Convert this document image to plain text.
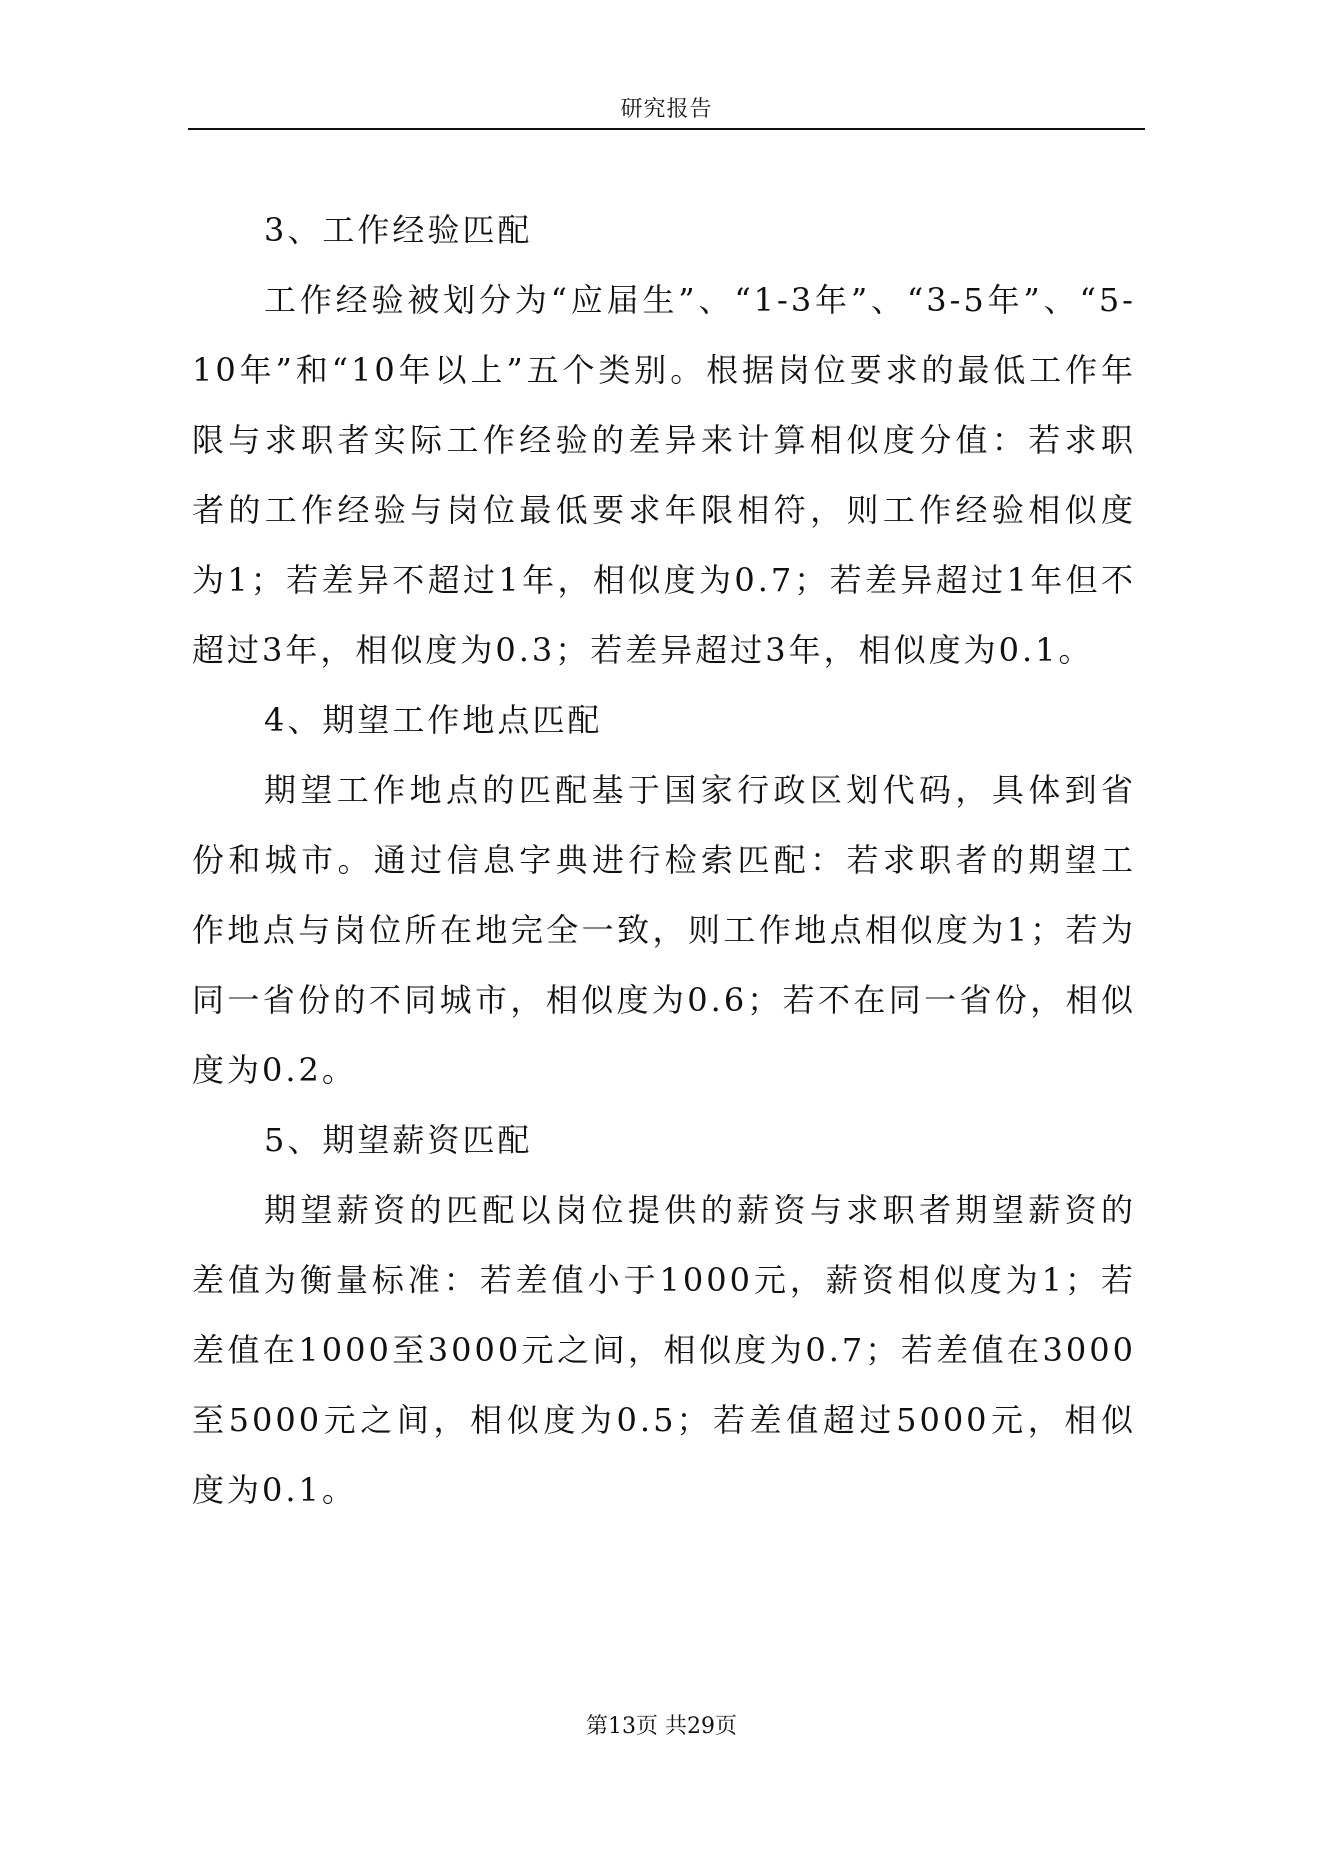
研究报告

3、工作经验匹配

工作经验被划分为“应届生”、“1-3年”、“3-5年”、“5-10年”和“10年以上”五个类别。根据岗位要求的最低工作年限与求职者实际工作经验的差异来计算相似度分值：若求职者的工作经验与岗位最低要求年限相符，则工作经验相似度为1；若差异不超过1年，相似度为0.7；若差异超过1年但不超过3年，相似度为0.3；若差异超过3年，相似度为0.1。

4、期望工作地点匹配

期望工作地点的匹配基于国家行政区划代码，具体到省份和城市。通过信息字典进行检索匹配：若求职者的期望工作地点与岗位所在地完全一致，则工作地点相似度为1；若为同一省份的不同城市，相似度为0.6；若不在同一省份，相似度为0.2。

5、期望薪资匹配

期望薪资的匹配以岗位提供的薪资与求职者期望薪资的差值为衡量标准：若差值小于1000元，薪资相似度为1；若差值在1000至3000元之间，相似度为0.7；若差值在3000至5000元之间，相似度为0.5；若差值超过5000元，相似度为0.1。

第13页 共29页
